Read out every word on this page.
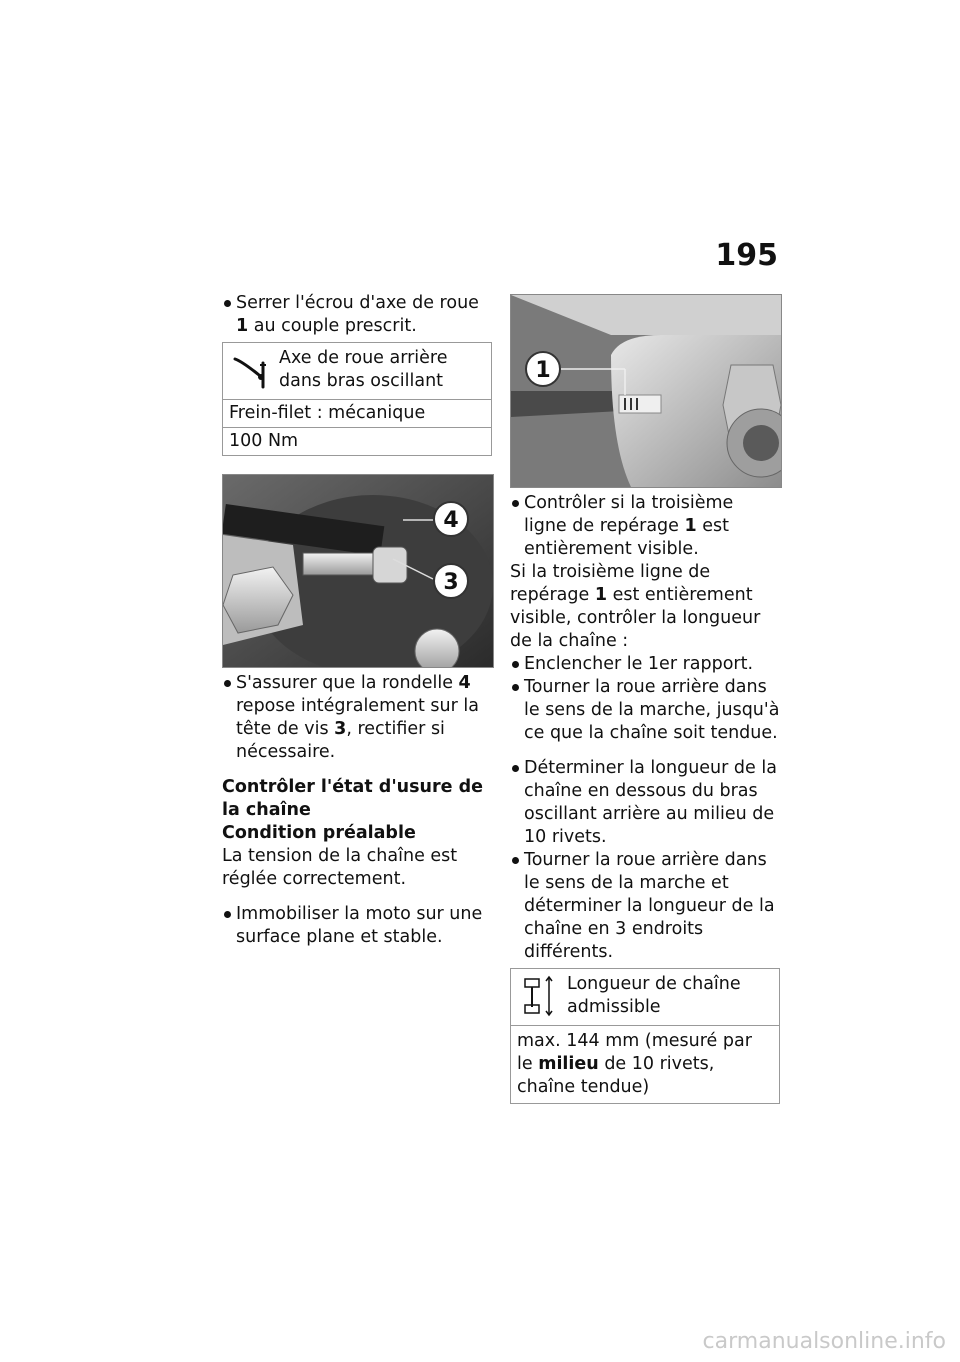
195

Serrer l'écrou d'axe de roue 1 au couple prescrit.

Axe de roue arrière dans bras oscillant
Frein-filet : mécanique
100 Nm
4
3

S'assurer que la rondelle 4 repose intégralement sur la tête de vis 3, rectifier si nécessaire.

Contrôler l'état d'usure de la chaîne

Condition préalable

La tension de la chaîne est réglée correctement.

Immobiliser la moto sur une surface plane et stable.

1

Contrôler si la troisième ligne de repérage 1 est entièrement visible.

Si la troisième ligne de repérage 1 est entièrement visible, contrôler la longueur de la chaîne :

Enclencher le 1er rapport.

Tourner la roue arrière dans le sens de la marche, jusqu'à ce que la chaîne soit tendue.

Déterminer la longueur de la chaîne en dessous du bras oscillant arrière au milieu de 10 rivets.

Tourner la roue arrière dans le sens de la marche et déterminer la longueur de la chaîne en 3 endroits différents.

Longueur de chaîne admissible
max. 144 mm (mesuré par le milieu de 10 rivets, chaîne tendue)
carmanualsonline.info
